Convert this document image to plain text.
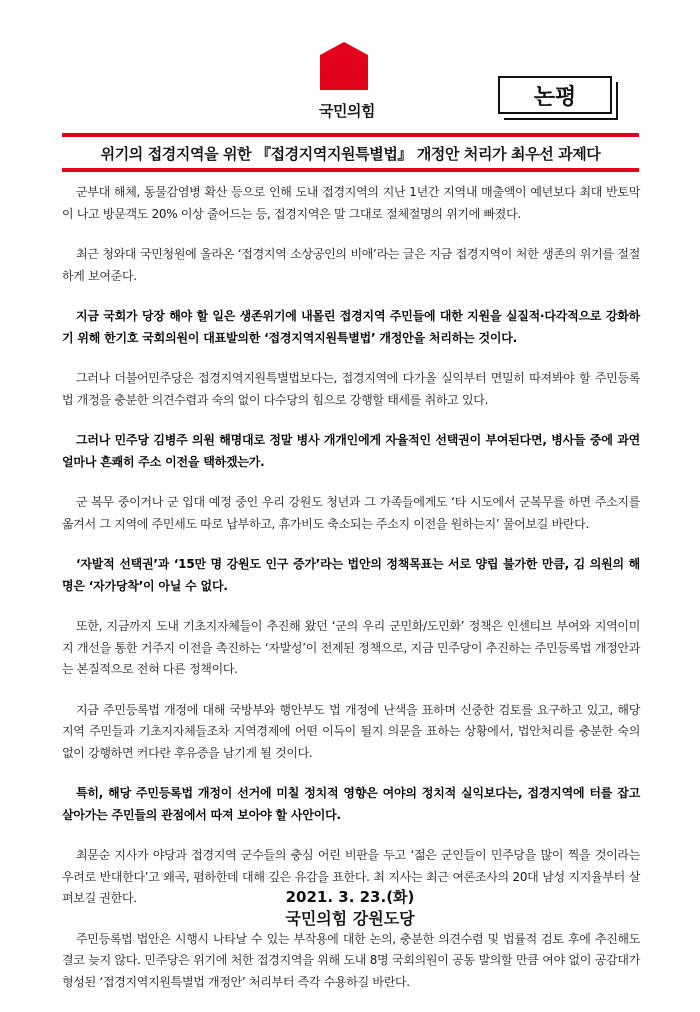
국민의힘
논평
위기의 접경지역을 위한 『접경지역지원특별법』 개정안 처리가 최우선 과제다

군부대 해체, 동물감염병 확산 등으로 인해 도내 접경지역의 지난 1년간 지역내 매출액이 예년보다 최대 반토막이 나고 방문객도 20% 이상 줄어드는 등, 접경지역은 말 그대로 절체절명의 위기에 빠졌다.

최근 청와대 국민청원에 올라온 ‘접경지역 소상공인의 비애’라는 글은 지금 접경지역이 처한 생존의 위기를 절절하게 보여준다.

지금 국회가 당장 해야 할 일은 생존위기에 내몰린 접경지역 주민들에 대한 지원을 실질적·다각적으로 강화하기 위해 한기호 국회의원이 대표발의한 ‘접경지역지원특별법’ 개정안을 처리하는 것이다.

그러나 더불어민주당은 접경지역지원특별법보다는, 접경지역에 다가올 실익부터 면밀히 따져봐야 할 주민등록법 개정을 충분한 의견수렴과 숙의 없이 다수당의 힘으로 강행할 태세를 취하고 있다.

그러나 민주당 김병주 의원 해명대로 정말 병사 개개인에게 자율적인 선택권이 부여된다면, 병사들 중에 과연 얼마나 흔쾌히 주소 이전을 택하겠는가.

군 복무 중이거나 군 입대 예정 중인 우리 강원도 청년과 그 가족들에게도 ‘타 시도에서 군복무를 하면 주소지를 옮겨서 그 지역에 주민세도 따로 납부하고, 휴가비도 축소되는 주소지 이전을 원하는지’ 물어보길 바란다.

‘자발적 선택권’과 ‘15만 명 강원도 인구 증가’라는 법안의 정책목표는 서로 양립 불가한 만큼, 김 의원의 해명은 ‘자가당착’이 아닐 수 없다.

또한, 지금까지 도내 기초지자체들이 추진해 왔던 ‘군의 우리 군민화/도민화’ 정책은 인센티브 부여와 지역이미지 개선을 통한 거주지 이전을 촉진하는 ‘자발성’이 전제된 정책으로, 지금 민주당이 추진하는 주민등록법 개정안과는 본질적으로 전혀 다른 정책이다.

지금 주민등록법 개정에 대해 국방부와 행안부도 법 개정에 난색을 표하며 신중한 검토를 요구하고 있고, 해당 지역 주민들과 기초지자체들조차 지역경제에 어떤 이득이 될지 의문을 표하는 상황에서, 법안처리를 충분한 숙의 없이 강행하면 커다란 후유증을 남기게 될 것이다.

특히, 해당 주민등록법 개정이 선거에 미칠 정치적 영향은 여야의 정치적 실익보다는, 접경지역에 터를 잡고 살아가는 주민들의 관점에서 따져 보아야 할 사안이다.

최문순 지사가 야당과 접경지역 군수들의 충심 어린 비판을 두고 ‘젊은 군인들이 민주당을 많이 찍을 것이라는 우려로 반대한다’고 왜곡, 폄하한데 대해 깊은 유감을 표한다. 최 지사는 최근 여론조사의 20대 남성 지지율부터 살펴보길 권한다.

주민등록법 법안은 시행시 나타날 수 있는 부작용에 대한 논의, 충분한 의견수렴 및 법률적 검토 후에 추진해도 결코 늦지 않다. 민주당은 위기에 처한 접경지역을 위해 도내 8명 국회의원이 공동 발의할 만큼 여야 없이 공감대가 형성된 ‘접경지역지원특별법 개정안’ 처리부터 즉각 수용하길 바란다.

2021. 3. 23.(화)
국민의힘 강원도당
